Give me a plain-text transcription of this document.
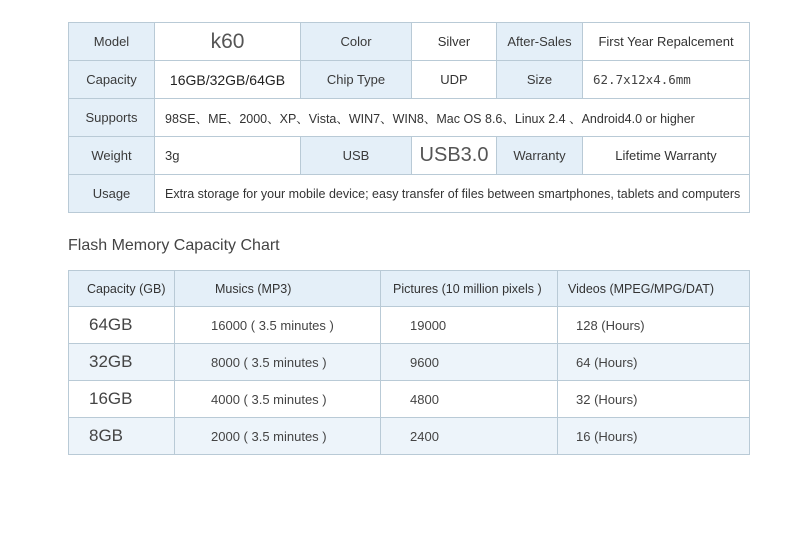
Model	k60	Color	Silver	After-Sales	First Year Repalcement
Capacity	16GB/32GB/64GB	Chip Type	UDP	Size	62.7x12x4.6mm
Supports	98SE、ME、2000、XP、Vista、WIN7、WIN8、Mac OS 8.6、Linux 2.4 、Android4.0 or higher				
Weight	3g	USB	USB3.0	Warranty	Lifetime Warranty
Usage	Extra storage for your mobile device; easy transfer of files between smartphones, tablets and computers				
Flash Memory Capacity Chart
Capacity (GB)	Musics (MP3)	Pictures (10 million pixels )	Videos (MPEG/MPG/DAT)
64GB	16000 ( 3.5 minutes )	19000	128 (Hours)
32GB	8000 ( 3.5 minutes )	9600	64 (Hours)
16GB	4000 ( 3.5 minutes )	4800	32 (Hours)
8GB	2000 ( 3.5 minutes )	2400	16 (Hours)
